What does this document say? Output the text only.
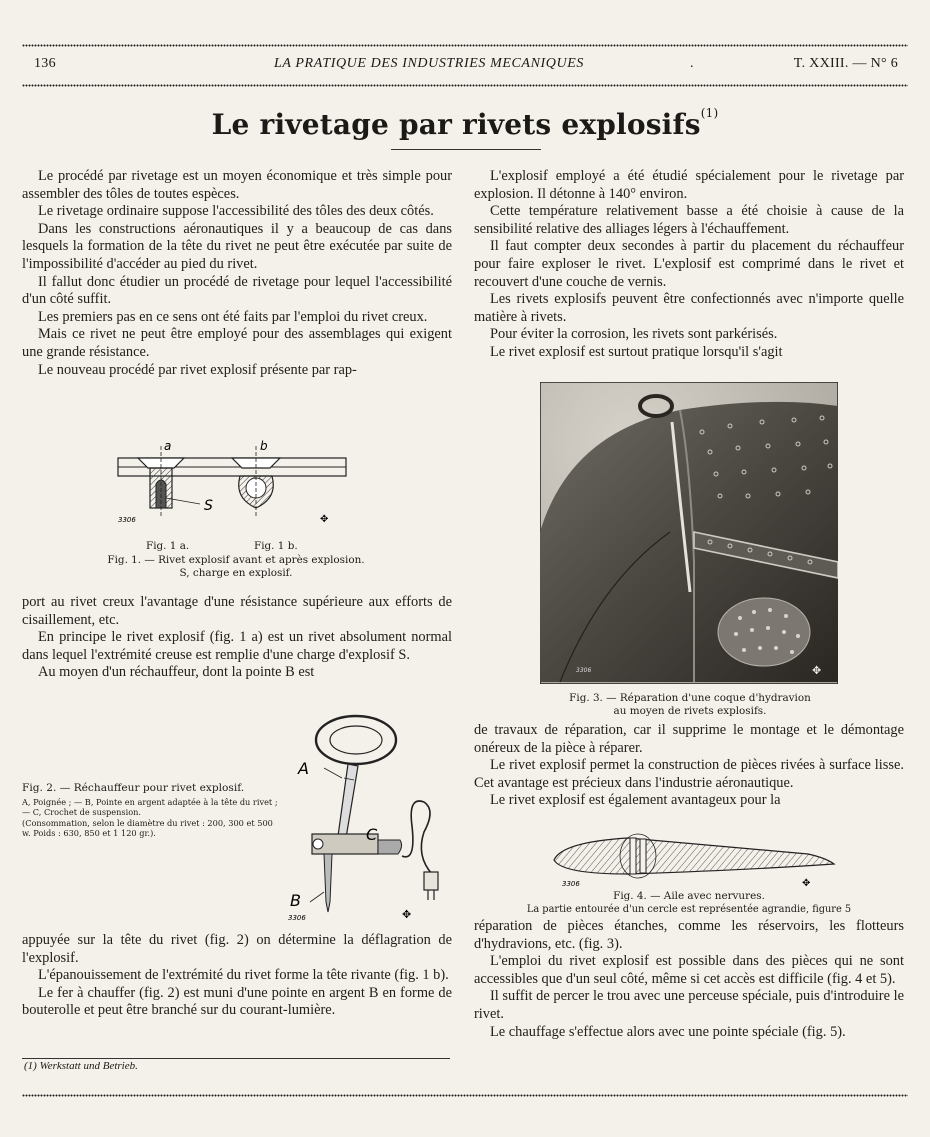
136	LA PRATIQUE DES INDUSTRIES MECANIQUES	.	T. XXIII. — N° 6
Le rivetage par rivets explosifs$^{(1)}$

Le procédé par rivetage est un moyen économique et très simple pour assembler des tôles de toutes espèces.

Le rivetage ordinaire suppose l'accessibilité des tôles des deux côtés.

Dans les constructions aéronautiques il y a beaucoup de cas dans lesquels la formation de la tête du rivet ne peut être exécutée par suite de l'impossibilité d'accéder au pied du rivet.

Il fallut donc étudier un procédé de rivetage pour lequel l'accessibilité d'un côté suffit.

Les premiers pas en ce sens ont été faits par l'emploi du rivet creux.

Mais ce rivet ne peut être employé pour des assemblages qui exigent une grande résistance.

Le nouveau procédé par rivet explosif présente par rap-

a	b
S
3306	✥
Fig. 1 a.	Fig. 1 b.
Fig. 1. — Rivet explosif avant et après explosion.
S, charge en explosif.

port au rivet creux l'avantage d'une résistance supérieure aux efforts de cisaillement, etc.

En principe le rivet explosif (fig. 1 a) est un rivet absolument normal dans lequel l'extrémité creuse est remplie d'une charge d'explosif S.

Au moyen d'un réchauffeur, dont la pointe B est

Fig. 2. — Réchauffeur pour rivet explosif.
A, Poignée ; — B, Pointe en argent adaptée à la tête du rivet ; — C, Crochet de suspension.
(Consommation, selon le diamètre du rivet : 200, 300 et 500 w. Poids : 630, 850 et 1 120 gr.).
A
C
B
3306	✥

appuyée sur la tête du rivet (fig. 2) on détermine la déflagration de l'explosif.

L'épanouissement de l'extrémité du rivet forme la tête rivante (fig. 1 b).

Le fer à chauffer (fig. 2) est muni d'une pointe en argent B en forme de bouterolle et peut être branché sur du courant-lumière.

(1) Werkstatt und Betrieb.

L'explosif employé a été étudié spécialement pour le rivetage par explosion. Il détonne à 140° environ.

Cette température relativement basse a été choisie à cause de la sensibilité relative des alliages légers à l'échauffement.

Il faut compter deux secondes à partir du placement du réchauffeur pour faire exploser le rivet. L'explosif est comprimé dans le rivet et recouvert d'une couche de vernis.

Les rivets explosifs peuvent être confectionnés avec n'importe quelle matière à rivets.

Pour éviter la corrosion, les rivets sont parkérisés.

Le rivet explosif est surtout pratique lorsqu'il s'agit

3306	✥
Fig. 3. — Réparation d'une coque d'hydravion
au moyen de rivets explosifs.

de travaux de réparation, car il supprime le montage et le démontage onéreux de la pièce à réparer.

Le rivet explosif permet la construction de pièces rivées à surface lisse. Cet avantage est précieux dans l'industrie aéronautique.

Le rivet explosif est également avantageux pour la

3306	✥
Fig. 4. — Aile avec nervures.
La partie entourée d'un cercle est représentée agrandie, figure 5

réparation de pièces étanches, comme les réservoirs, les flotteurs d'hydravions, etc. (fig. 3).

L'emploi du rivet explosif est possible dans des pièces qui ne sont accessibles que d'un seul côté, même si cet accès est difficile (fig. 4 et 5).

Il suffit de percer le trou avec une perceuse spéciale, puis d'introduire le rivet.

Le chauffage s'effectue alors avec une pointe spéciale (fig. 5).
